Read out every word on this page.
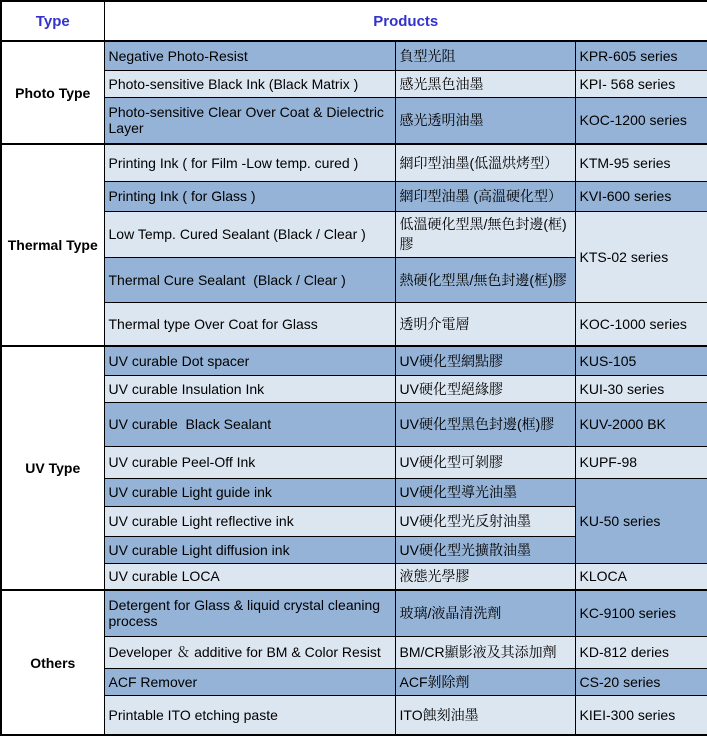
Type	Products		
Photo Type	Negative Photo-Resist	負型光阻	KPR-605 series
	Photo-sensitive Black Ink (Black Matrix )	感光黑色油墨	KPI- 568 series
	Photo-sensitive Clear Over Coat & Dielectric Layer	感光透明油墨	KOC-1200 series
Thermal Type	Printing Ink ( for Film -Low temp. cured )	網印型油墨(低溫烘烤型）	KTM-95 series
	Printing Ink ( for Glass )	網印型油墨 (高溫硬化型）	KVI-600 series
	Low Temp. Cured Sealant (Black / Clear )	低溫硬化型黑/無色封邊(框)膠	KTS-02 series
	Thermal Cure Sealant  (Black / Clear )	熱硬化型黑/無色封邊(框)膠	
	Thermal type Over Coat for Glass	透明介電層	KOC-1000 series
UV Type	UV curable Dot spacer	UV硬化型網點膠	KUS-105
	UV curable Insulation Ink	UV硬化型絕緣膠	KUI-30 series
	UV curable  Black Sealant	UV硬化型黑色封邊(框)膠	KUV-2000 BK
	UV curable Peel-Off Ink	UV硬化型可剝膠	KUPF-98
	UV curable Light guide ink	UV硬化型導光油墨	KU-50 series
	UV curable Light reflective ink	UV硬化型光反射油墨	
	UV curable Light diffusion ink	UV硬化型光擴散油墨	
	UV curable LOCA	液態光學膠	KLOCA
Others	Detergent for Glass & liquid crystal cleaning process	玻璃/液晶清洗劑	KC-9100 series
	Developer ＆ additive for BM & Color Resist	BM/CR顯影液及其添加劑	KD-812 deries
	ACF Remover	ACF剝除劑	CS-20 series
	Printable ITO etching paste	ITO蝕刻油墨	KIEI-300 series
